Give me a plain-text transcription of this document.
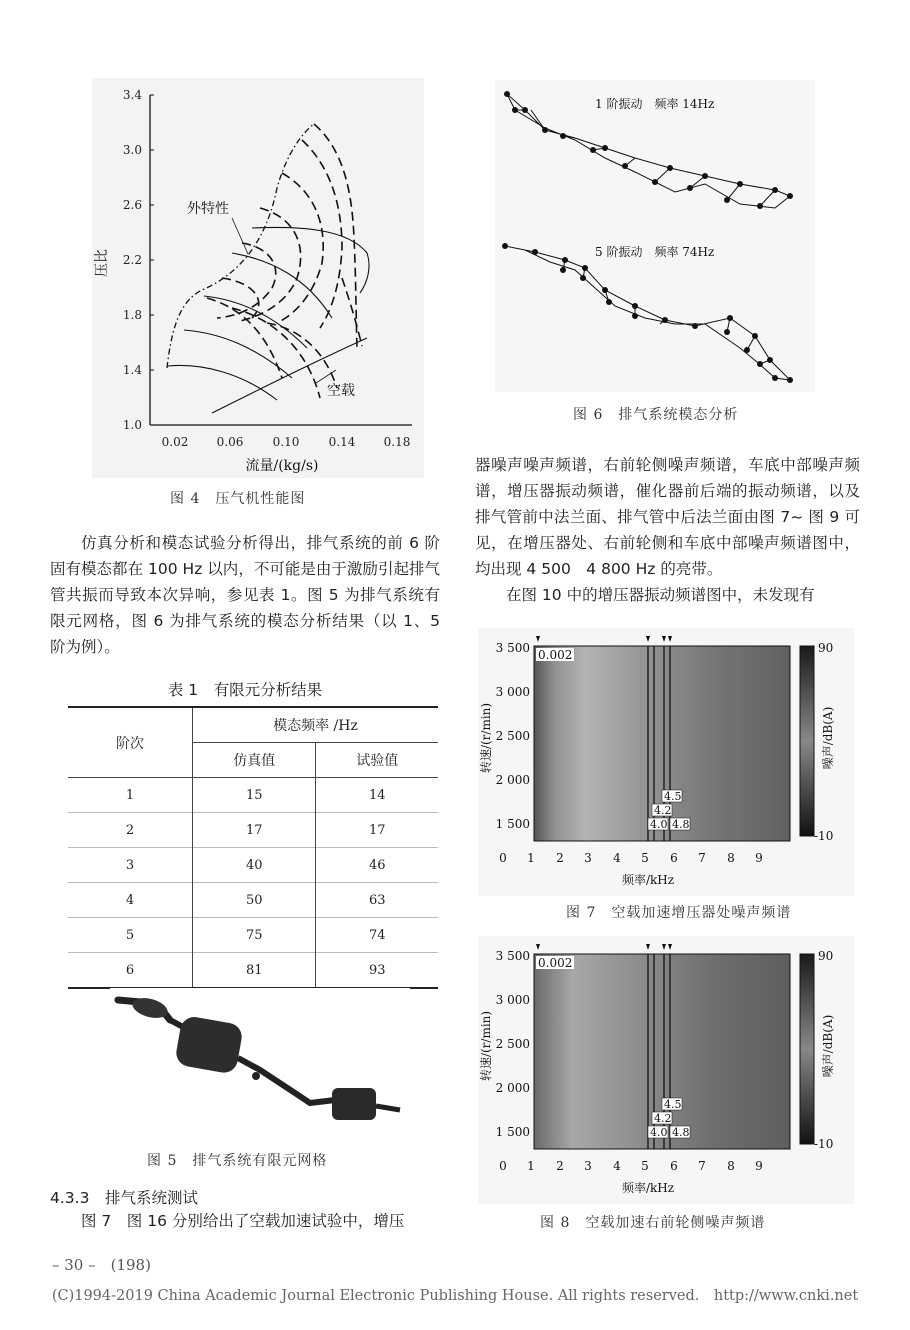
1.0
1.4
1.8
2.2
2.6
3.0
3.4
0.02 0.06 0.10 0.14 0.18
外特性
空载
压比
流量/(kg/s)
图 4　压气机性能图
仿真分析和模态试验分析得出，排气系统的前 6 阶固有模态都在 100 Hz 以内，不可能是由于激励引起排气管共振而导致本次异响，参见表 1。图 5 为排气系统有限元网格，图 6 为排气系统的模态分析结果（以 1、5 阶为例）。
表 1　有限元分析结果
阶次	模态频率 /Hz	
	仿真值	试验值
1	15	14
2	17	17
3	40	46
4	50	63
5	75	74
6	81	93
图 5　排气系统有限元网格
4.3.3　排气系统测试
图 7　图 16 分别给出了空载加速试验中，增压
1 阶振动　频率 14Hz
5 阶振动　频率 74Hz
图 6　排气系统模态分析
器噪声噪声频谱，右前轮侧噪声频谱，车底中部噪声频谱，增压器振动频谱，催化器前后端的振动频谱，以及排气管前中法兰面、排气管中后法兰面由图 7~ 图 9 可见，在增压器处、右前轮侧和车底中部噪声频谱图中，均出现 4 500　4 800 Hz 的亮带。
在图 10 中的增压器振动频谱图中，未发现有
0.002
4.5
4.2
4.0 4.8
90
-10
噪声/dB(A)
3 500
3 000
2 500
2 000
1 500
转速/(r/min)
0 1 2 3 4 5 6 7 8 9
频率/kHz
图 7　空载加速增压器处噪声频谱
0.002
4.5
4.2
4.0 4.8
90
-10
噪声/dB(A)
3 500
3 000
2 500
2 000
1 500
转速/(r/min)
0 1 2 3 4 5 6 7 8 9
频率/kHz
图 8　空载加速右前轮侧噪声频谱
– 30 –　(198)
(C)1994-2019 China Academic Journal Electronic Publishing House. All rights reserved.　http://www.cnki.net
